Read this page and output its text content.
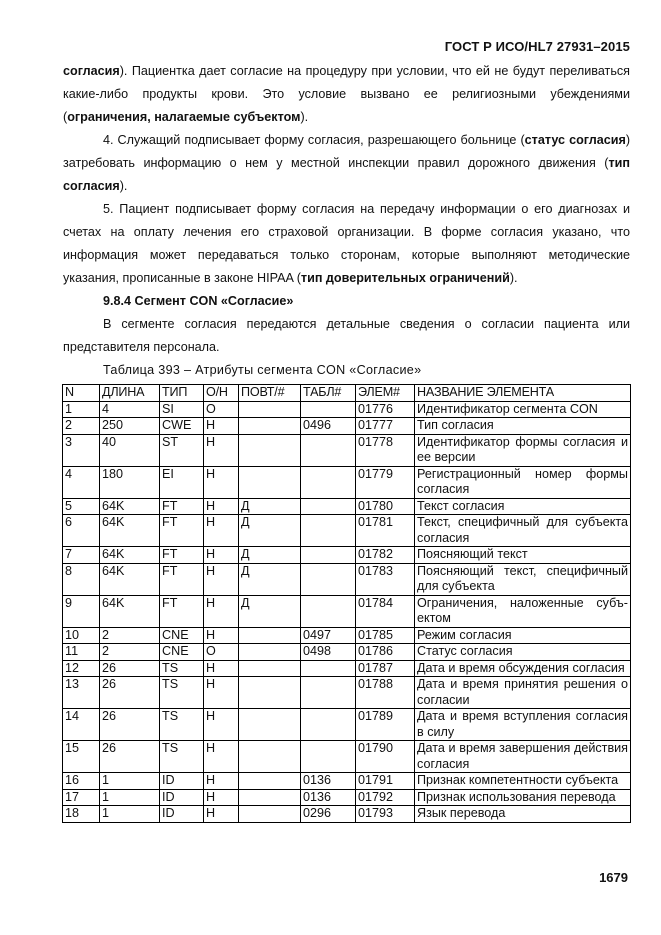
ГОСТ Р ИСО/HL7 27931–2015

согласия). Пациентка дает согласие на процедуру при условии, что ей не будут переливаться какие-либо продукты крови. Это условие вызвано ее религиозными убеждениями (ограничения, налагаемые субъектом).

4. Служащий подписывает форму согласия, разрешающего больнице (статус согласия) затребовать информацию о нем у местной инспекции правил дорожного движения (тип согласия).

5. Пациент подписывает форму согласия на передачу информации о его диагнозах и счетах на оплату лечения его страховой организации. В форме согласия указано, что информация может передаваться только сторонам, которые выполняют методические указания, прописанные в законе HIPAA (тип доверительных ограничений).

9.8.4 Сегмент CON «Согласие»

В сегменте согласия передаются детальные сведения о согласии пациента или представителя персонала.

Таблица 393 – Атрибуты сегмента CON «Согласие»

N	ДЛИНА	ТИП	О/Н	ПОВТ/#	ТАБЛ#	ЭЛЕМ#	НАЗВАНИЕ ЭЛЕМЕНТА
1	4	SI	О			01776	Идентификатор сегмента CON
2	250	CWE	Н		0496	01777	Тип согласия
3	40	ST	Н			01778	Идентификатор формы согласия и ее версии
4	180	EI	Н			01779	Регистрационный номер формы согласия
5	64K	FT	Н	Д		01780	Текст согласия
6	64K	FT	Н	Д		01781	Текст, специфичный для субъекта согласия
7	64K	FT	Н	Д		01782	Поясняющий текст
8	64K	FT	Н	Д		01783	Поясняющий текст, специфичный для субъекта
9	64K	FT	Н	Д		01784	Ограничения, наложенные субъектом
10	2	CNE	Н		0497	01785	Режим согласия
11	2	CNE	О		0498	01786	Статус согласия
12	26	TS	Н			01787	Дата и время обсуждения согласия
13	26	TS	Н			01788	Дата и время принятия решения о согласии
14	26	TS	Н			01789	Дата и время вступления согласия в силу
15	26	TS	Н			01790	Дата и время завершения действия согласия
16	1	ID	Н		0136	01791	Признак компетентности субъекта
17	1	ID	Н		0136	01792	Признак использования перевода
18	1	ID	Н		0296	01793	Язык перевода
1679
